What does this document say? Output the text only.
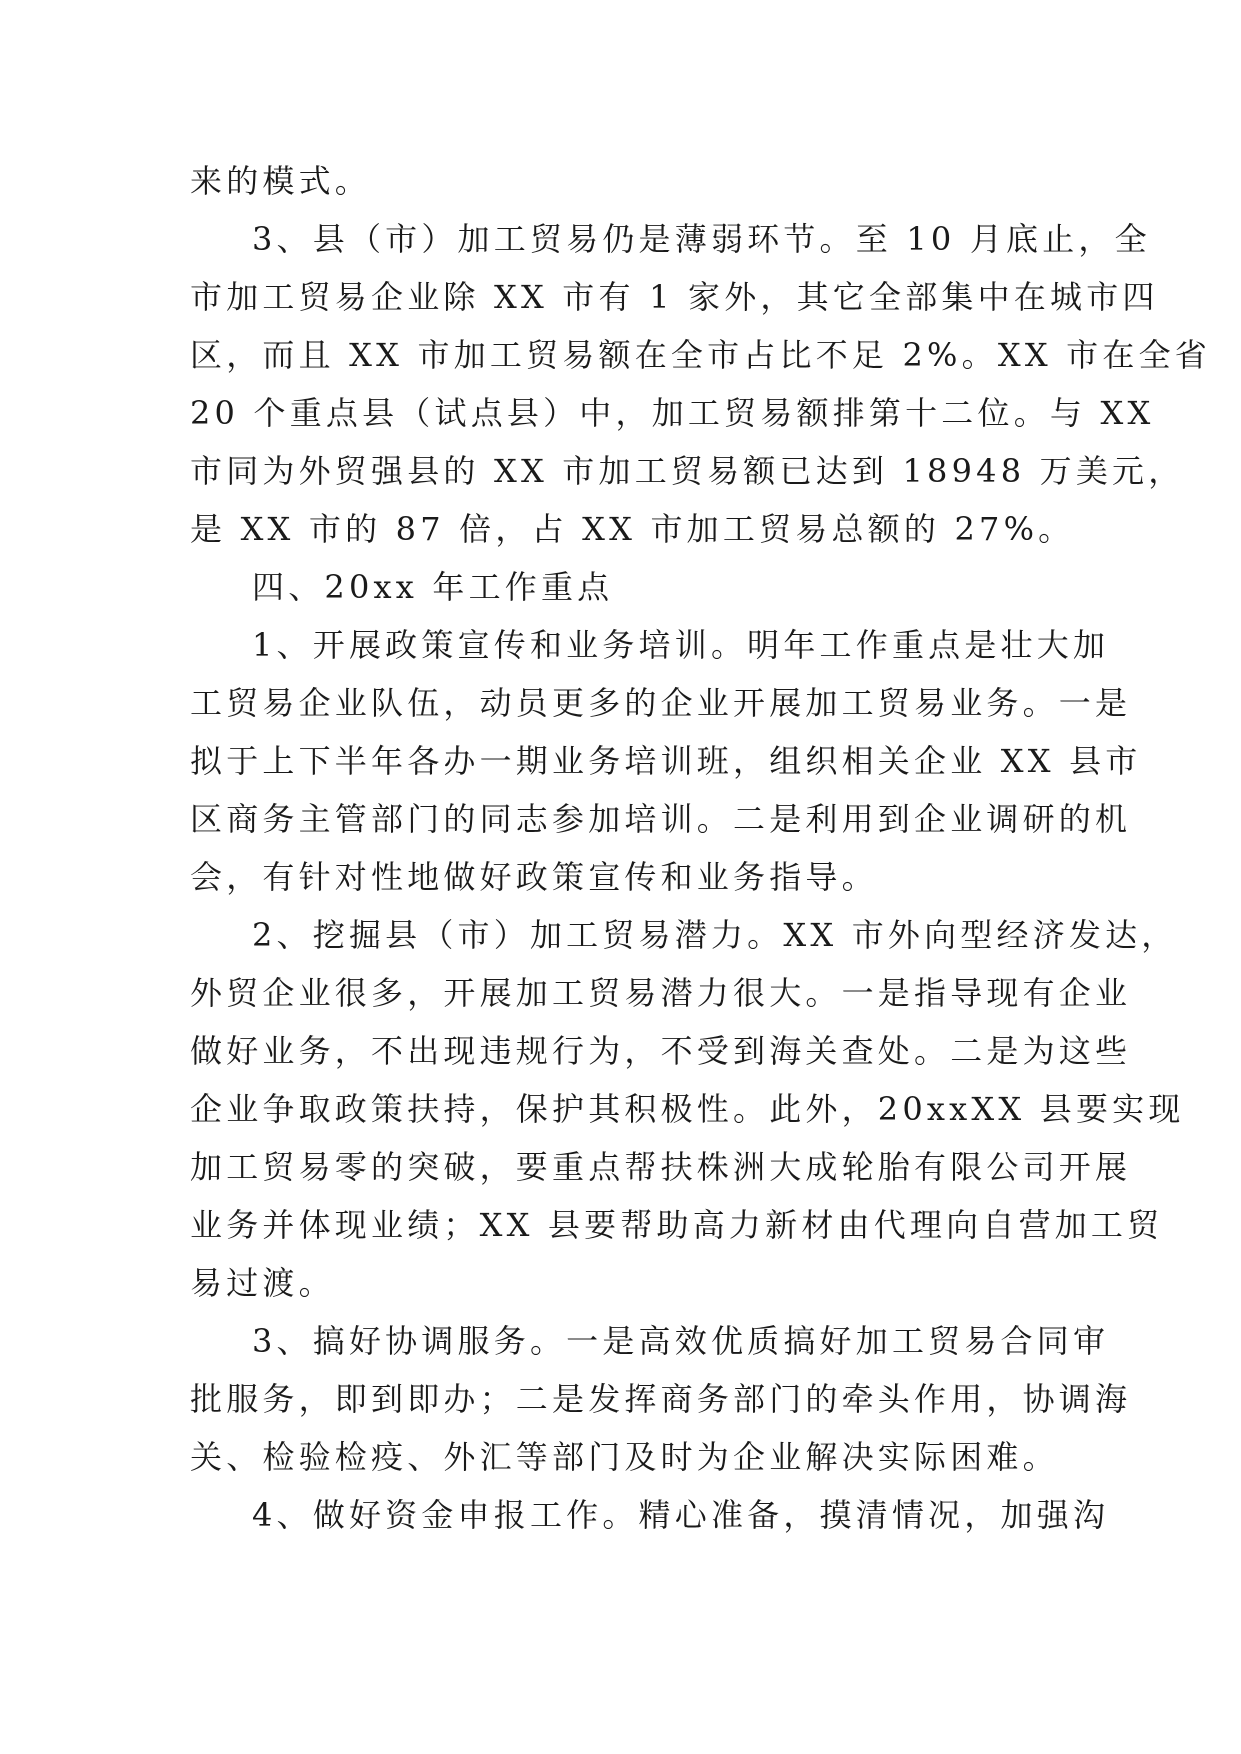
来的模式。
3、县（市）加工贸易仍是薄弱环节。至 10 月底止，全
市加工贸易企业除 XX 市有 1 家外，其它全部集中在城市四
区，而且 XX 市加工贸易额在全市占比不足 2%。XX 市在全省
20 个重点县（试点县）中，加工贸易额排第十二位。与 XX
市同为外贸强县的 XX 市加工贸易额已达到 18948 万美元，
是 XX 市的 87 倍，占 XX 市加工贸易总额的 27%。
四、20xx 年工作重点
1、开展政策宣传和业务培训。明年工作重点是壮大加
工贸易企业队伍，动员更多的企业开展加工贸易业务。一是
拟于上下半年各办一期业务培训班，组织相关企业 XX 县市
区商务主管部门的同志参加培训。二是利用到企业调研的机
会，有针对性地做好政策宣传和业务指导。
2、挖掘县（市）加工贸易潜力。XX 市外向型经济发达，
外贸企业很多，开展加工贸易潜力很大。一是指导现有企业
做好业务，不出现违规行为，不受到海关查处。二是为这些
企业争取政策扶持，保护其积极性。此外，20xxXX 县要实现
加工贸易零的突破，要重点帮扶株洲大成轮胎有限公司开展
业务并体现业绩；XX 县要帮助高力新材由代理向自营加工贸
易过渡。
3、搞好协调服务。一是高效优质搞好加工贸易合同审
批服务，即到即办；二是发挥商务部门的牵头作用，协调海
关、检验检疫、外汇等部门及时为企业解决实际困难。
4、做好资金申报工作。精心准备，摸清情况，加强沟
